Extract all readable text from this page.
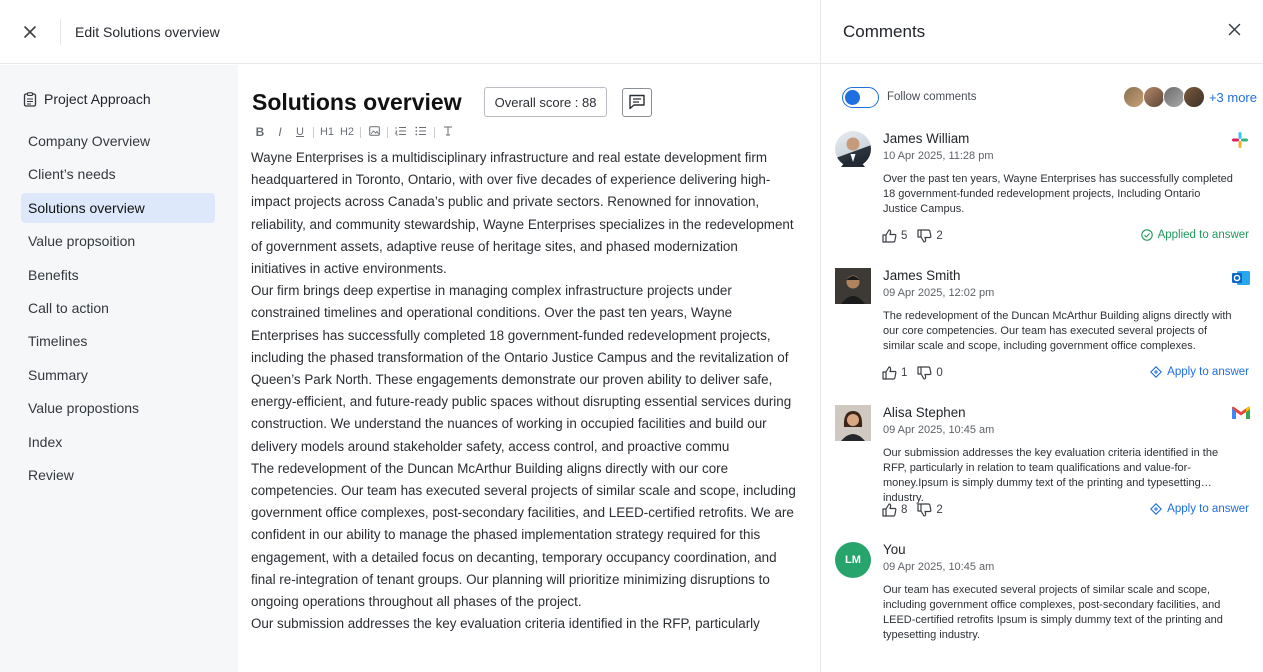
Edit Solutions overview
Project Approach
Company Overview
Client’s needs
Solutions overview
Value propsoition
Benefits
Call to action
Timelines
Summary
Value propostions
Index
Review
Solutions overview	Overall score : 88
B	I	U	H1 H2

Wayne Enterprises is a multidisciplinary infrastructure and real estate development firm headquartered in Toronto, Ontario, with over five decades of experience delivering high-impact projects across Canada’s public and private sectors. Renowned for innovation, reliability, and community stewardship, Wayne Enterprises specializes in the redevelopment of government assets, adaptive reuse of heritage sites, and phased modernization initiatives in active environments.

Our firm brings deep expertise in managing complex infrastructure projects under constrained timelines and operational conditions. Over the past ten years, Wayne Enterprises has successfully completed 18 government-funded redevelopment projects, including the phased transformation of the Ontario Justice Campus and the revitalization of Queen’s Park North. These engagements demonstrate our proven ability to deliver safe, energy-efficient, and future-ready public spaces without disrupting essential services during construction. We understand the nuances of working in occupied facilities and build our delivery models around stakeholder safety, access control, and proactive commu

The redevelopment of the Duncan McArthur Building aligns directly with our core competencies. Our team has executed several projects of similar scale and scope, including government office complexes, post-secondary facilities, and LEED-certified retrofits. We are confident in our ability to manage the phased implementation strategy required for this engagement, with a detailed focus on decanting, temporary occupancy coordination, and final re-integration of tenant groups. Our planning will prioritize minimizing disruptions to ongoing operations throughout all phases of the project.

Our submission addresses the key evaluation criteria identified in the RFP, particularly

Comments
Follow comments	+3 more
James William
10 Apr 2025, 11:28 pm
Over the past ten years, Wayne Enterprises has successfully completed 18 government-funded redevelopment projects, Including Ontario Justice Campus.
5	2	Applied to answer
James Smith
09 Apr 2025, 12:02 pm
The redevelopment of the Duncan McArthur Building aligns directly with our core competencies. Our team has executed several projects of similar scale and scope, including government office complexes.
1	0	Apply to answer
Alisa Stephen
09 Apr 2025, 10:45 am
Our submission addresses the key evaluation criteria identified in the RFP, particularly in relation to team qualifications and value-for-money.Ipsum is simply dummy text of the printing and typesetting industry.
8	2	Apply to answer
LM
You
09 Apr 2025, 10:45 am
Our team has executed several projects of similar scale and scope, including government office complexes, post-secondary facilities, and LEED-certified retrofits Ipsum is simply dummy text of the printing and typesetting industry.
